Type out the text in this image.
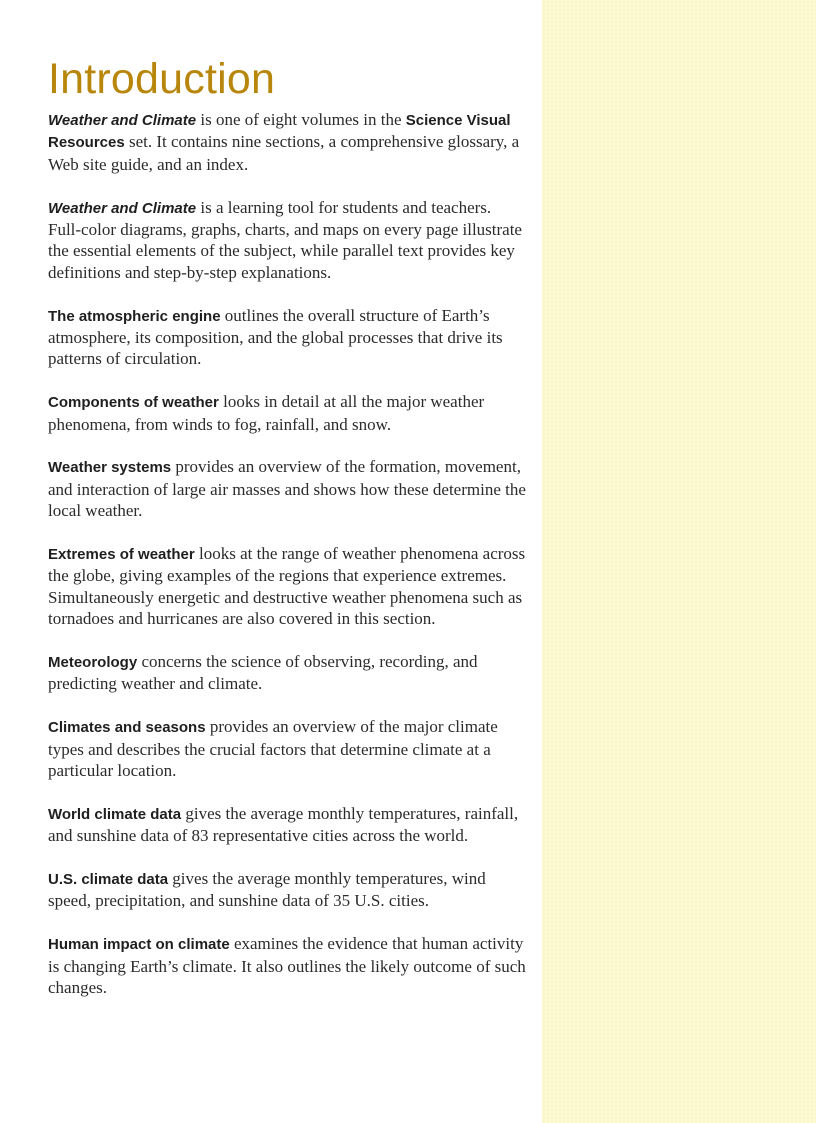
Introduction

Weather and Climate is one of eight volumes in the Science Visual Resources set. It contains nine sections, a comprehensive glossary, a Web site guide, and an index.

Weather and Climate is a learning tool for students and teachers. Full-color diagrams, graphs, charts, and maps on every page illustrate the essential elements of the subject, while parallel text provides key definitions and step-by-step explanations.

The atmospheric engine outlines the overall structure of Earth’s atmosphere, its composition, and the global processes that drive its patterns of circulation.

Components of weather looks in detail at all the major weather phenomena, from winds to fog, rainfall, and snow.

Weather systems provides an overview of the formation, movement, and interaction of large air masses and shows how these determine the local weather.

Extremes of weather looks at the range of weather phenomena across the globe, giving examples of the regions that experience extremes. Simultaneously energetic and destructive weather phenomena such as tornadoes and hurricanes are also covered in this section.

Meteorology concerns the science of observing, recording, and predicting weather and climate.

Climates and seasons provides an overview of the major climate types and describes the crucial factors that determine climate at a particular location.

World climate data gives the average monthly temperatures, rainfall, and sunshine data of 83 representative cities across the world.

U.S. climate data gives the average monthly temperatures, wind speed, precipitation, and sunshine data of 35 U.S. cities.

Human impact on climate examines the evidence that human activity is changing Earth’s climate. It also outlines the likely outcome of such changes.
